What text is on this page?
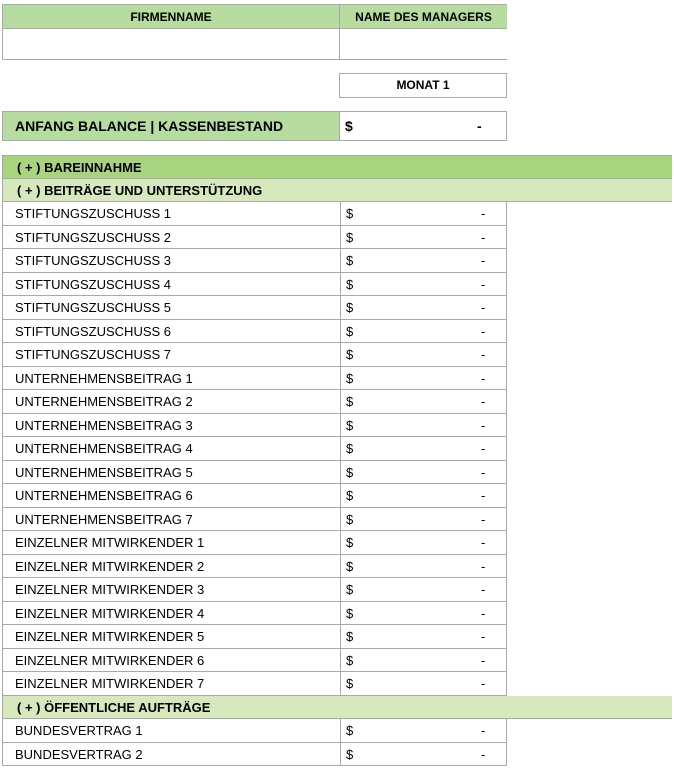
FIRMENNAME	NAME DES MANAGERS
MONAT 1
ANFANG BALANCE | KASSENBESTAND	$	-
( + ) BAREINNAHME
( + ) BEITRÄGE UND UNTERSTÜTZUNG
STIFTUNGSZUSCHUSS 1	$	-
STIFTUNGSZUSCHUSS 2	$	-
STIFTUNGSZUSCHUSS 3	$	-
STIFTUNGSZUSCHUSS 4	$	-
STIFTUNGSZUSCHUSS 5	$	-
STIFTUNGSZUSCHUSS 6	$	-
STIFTUNGSZUSCHUSS 7	$	-
UNTERNEHMENSBEITRAG 1	$	-
UNTERNEHMENSBEITRAG 2	$	-
UNTERNEHMENSBEITRAG 3	$	-
UNTERNEHMENSBEITRAG 4	$	-
UNTERNEHMENSBEITRAG 5	$	-
UNTERNEHMENSBEITRAG 6	$	-
UNTERNEHMENSBEITRAG 7	$	-
EINZELNER MITWIRKENDER 1	$	-
EINZELNER MITWIRKENDER 2	$	-
EINZELNER MITWIRKENDER 3	$	-
EINZELNER MITWIRKENDER 4	$	-
EINZELNER MITWIRKENDER 5	$	-
EINZELNER MITWIRKENDER 6	$	-
EINZELNER MITWIRKENDER 7	$	-
( + ) ÖFFENTLICHE AUFTRÄGE
BUNDESVERTRAG 1	$	-
BUNDESVERTRAG 2	$	-
